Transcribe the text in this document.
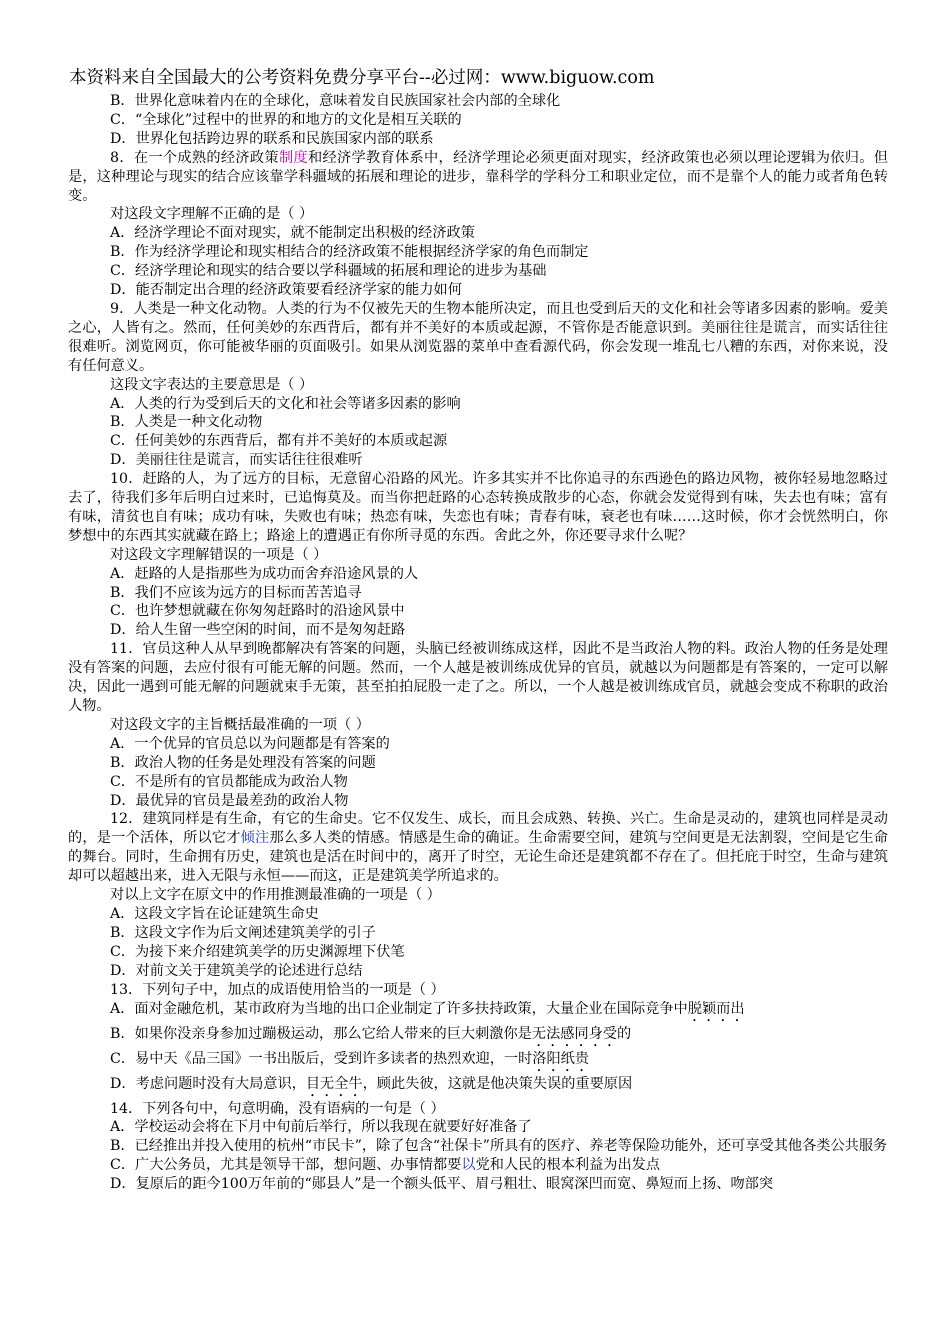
本资料来自全国最大的公考资料免费分享平台--必过网：www.biguow.com
B．世界化意味着内在的全球化，意味着发自民族国家社会内部的全球化
C．“全球化”过程中的世界的和地方的文化是相互关联的
D．世界化包括跨边界的联系和民族国家内部的联系
8．在一个成熟的经济政策制度和经济学教育体系中，经济学理论必须更面对现实，经济政策也必须以理论逻辑为依归。但是，这种理论与现实的结合应该靠学科疆域的拓展和理论的进步，靠科学的学科分工和职业定位，而不是靠个人的能力或者角色转变。
对这段文字理解不正确的是（ ）
A．经济学理论不面对现实，就不能制定出积极的经济政策
B．作为经济学理论和现实相结合的经济政策不能根据经济学家的角色而制定
C．经济学理论和现实的结合要以学科疆域的拓展和理论的进步为基础
D．能否制定出合理的经济政策要看经济学家的能力如何
9．人类是一种文化动物。人类的行为不仅被先天的生物本能所决定，而且也受到后天的文化和社会等诸多因素的影响。爱美之心，人皆有之。然而，任何美妙的东西背后，都有并不美好的本质或起源，不管你是否能意识到。美丽往往是谎言，而实话往往很难听。浏览网页，你可能被华丽的页面吸引。如果从浏览器的菜单中查看源代码，你会发现一堆乱七八糟的东西，对你来说，没有任何意义。
这段文字表达的主要意思是（ ）
A．人类的行为受到后天的文化和社会等诸多因素的影响
B．人类是一种文化动物
C．任何美妙的东西背后，都有并不美好的本质或起源
D．美丽往往是谎言，而实话往往很难听
10．赶路的人，为了远方的目标，无意留心沿路的风光。许多其实并不比你追寻的东西逊色的路边风物，被你轻易地忽略过去了，待我们多年后明白过来时，已追悔莫及。而当你把赶路的心态转换成散步的心态，你就会发觉得到有味，失去也有味；富有有味，清贫也自有味；成功有味，失败也有味；热恋有味，失恋也有味；青春有味，衰老也有味……这时候，你才会恍然明白，你梦想中的东西其实就藏在路上；路途上的遭遇正有你所寻觅的东西。舍此之外，你还要寻求什么呢？
对这段文字理解错误的一项是（ ）
A．赶路的人是指那些为成功而舍弃沿途风景的人
B．我们不应该为远方的目标而苦苦追寻
C．也许梦想就藏在你匆匆赶路时的沿途风景中
D．给人生留一些空闲的时间，而不是匆匆赶路
11．官员这种人从早到晚都解决有答案的问题，头脑已经被训练成这样，因此不是当政治人物的料。政治人物的任务是处理没有答案的问题，去应付很有可能无解的问题。然而，一个人越是被训练成优异的官员，就越以为问题都是有答案的，一定可以解决，因此一遇到可能无解的问题就束手无策，甚至拍拍屁股一走了之。所以，一个人越是被训练成官员，就越会变成不称职的政治人物。
对这段文字的主旨概括最准确的一项（ ）
A．一个优异的官员总以为问题都是有答案的
B．政治人物的任务是处理没有答案的问题
C．不是所有的官员都能成为政治人物
D．最优异的官员是最差劲的政治人物
12．建筑同样是有生命，有它的生命史。它不仅发生、成长，而且会成熟、转换、兴亡。生命是灵动的，建筑也同样是灵动的，是一个活体，所以它才倾注那么多人类的情感。情感是生命的确证。生命需要空间，建筑与空间更是无法割裂，空间是它生命的舞台。同时，生命拥有历史，建筑也是活在时间中的，离开了时空，无论生命还是建筑都不存在了。但托庇于时空，生命与建筑却可以超越出来，进入无限与永恒——而这，正是建筑美学所追求的。
对以上文字在原文中的作用推测最准确的一项是（ ）
A．这段文字旨在论证建筑生命史
B．这段文字作为后文阐述建筑美学的引子
C．为接下来介绍建筑美学的历史渊源埋下伏笔
D．对前文关于建筑美学的论述进行总结
13．下列句子中，加点的成语使用恰当的一项是（ ）
A．面对金融危机，某市政府为当地的出口企业制定了许多扶持政策，大量企业在国际竞争中脱颖而出
B．如果你没亲身参加过蹦极运动，那么它给人带来的巨大刺激你是无法感同身受的
C．易中天《品三国》一书出版后，受到许多读者的热烈欢迎，一时洛阳纸贵
D．考虑问题时没有大局意识，目无全牛，顾此失彼，这就是他决策失误的重要原因
14．下列各句中，句意明确，没有语病的一句是（ ）
A．学校运动会将在下月中旬前后举行，所以我现在就要好好准备了
B．已经推出并投入使用的杭州“市民卡”，除了包含“社保卡”所具有的医疗、养老等保险功能外，还可享受其他各类公共服务
C．广大公务员，尤其是领导干部，想问题、办事情都要以党和人民的根本利益为出发点
D．复原后的距今100万年前的“郧县人”是一个额头低平、眉弓粗壮、眼窝深凹而宽、鼻短而上扬、吻部突
